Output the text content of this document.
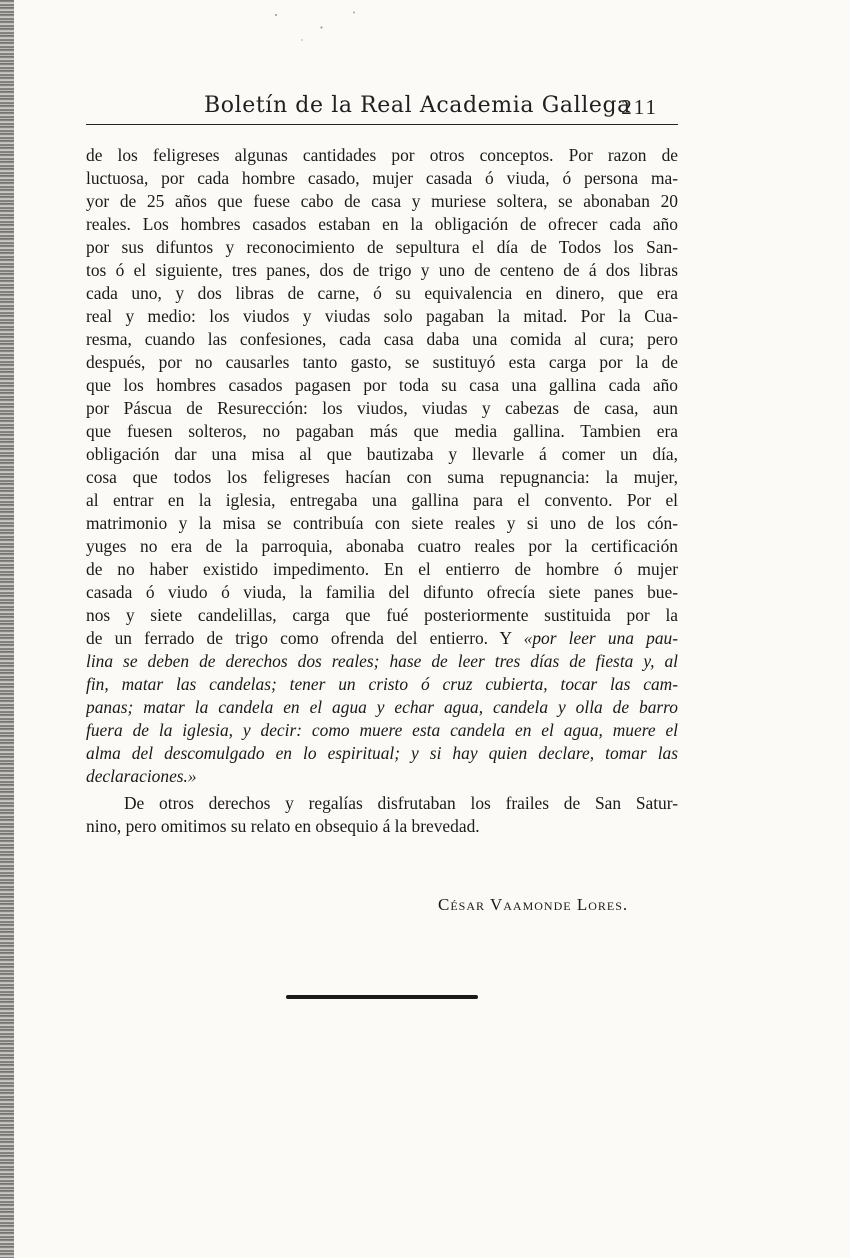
Boletín de la Real Academia Gallega
211
de los feligreses algunas cantidades por otros conceptos. Por razon de
luctuosa, por cada hombre casado, mujer casada ó viuda, ó persona ma-
yor de 25 años que fuese cabo de casa y muriese soltera, se abonaban 20
reales. Los hombres casados estaban en la obligación de ofrecer cada año
por sus difuntos y reconocimiento de sepultura el día de Todos los San-
tos ó el siguiente, tres panes, dos de trigo y uno de centeno de á dos libras
cada uno, y dos libras de carne, ó su equivalencia en dinero, que era
real y medio: los viudos y viudas solo pagaban la mitad. Por la Cua-
resma, cuando las confesiones, cada casa daba una comida al cura; pero
después, por no causarles tanto gasto, se sustituyó esta carga por la de
que los hombres casados pagasen por toda su casa una gallina cada año
por Páscua de Resurección: los viudos, viudas y cabezas de casa, aun
que fuesen solteros, no pagaban más que media gallina. Tambien era
obligación dar una misa al que bautizaba y llevarle á comer un día,
cosa que todos los feligreses hacían con suma repugnancia: la mujer,
al entrar en la iglesia, entregaba una gallina para el convento. Por el
matrimonio y la misa se contribuía con siete reales y si uno de los cón-
yuges no era de la parroquia, abonaba cuatro reales por la certificación
de no haber existido impedimento. En el entierro de hombre ó mujer
casada ó viudo ó viuda, la familia del difunto ofrecía siete panes bue-
nos y siete candelillas, carga que fué posteriormente sustituida por la
de un ferrado de trigo como ofrenda del entierro. Y «por leer una pau-
lina se deben de derechos dos reales; hase de leer tres días de fiesta y, al
fin, matar las candelas; tener un cristo ó cruz cubierta, tocar las cam-
panas; matar la candela en el agua y echar agua, candela y olla de barro
fuera de la iglesia, y decir: como muere esta candela en el agua, muere el
alma del descomulgado en lo espiritual; y si hay quien declare, tomar las
declaraciones.»
De otros derechos y regalías disfrutaban los frailes de San Satur-
nino, pero omitimos su relato en obsequio á la brevedad.
César Vaamonde Lores.
